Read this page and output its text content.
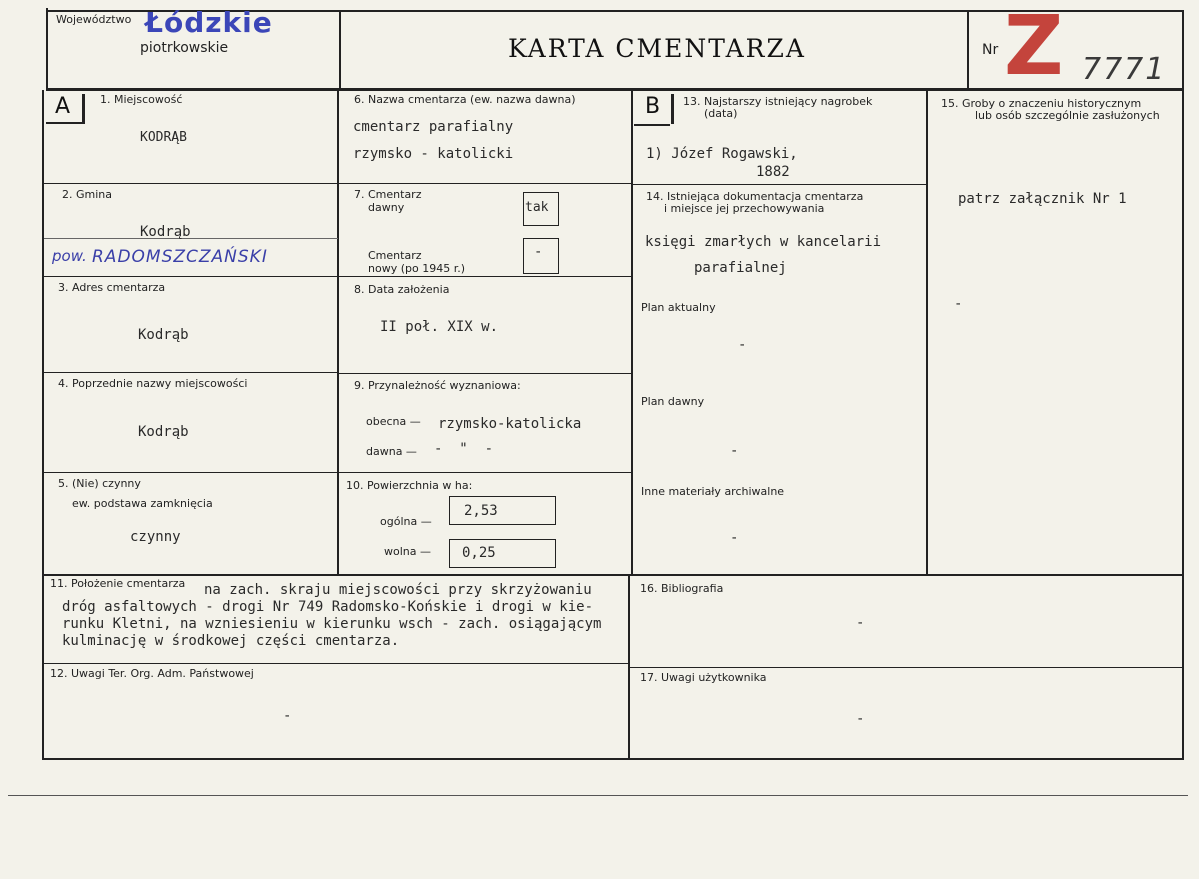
Województwo Łódzkie
piotrkowskie	KARTA CMENTARZA	Nr Z 7771
A	B
1. Miejscowość
KODRĄB
2. Gmina
Kodrąb
pow. RADOMSZCZAŃSKI
3. Adres cmentarza
Kodrąb
4. Poprzednie nazwy miejscowości
Kodrąb
5. (Nie) czynny
ew. podstawa zamknięcia
czynny
6. Nazwa cmentarza (ew. nazwa dawna)
cmentarz parafialny
rzymsko - katolicki
7. Cmentarz
dawny	tak
Cmentarz
nowy (po 1945 r.)
-
8. Data założenia
II poł. XIX w.
9. Przynależność wyznaniowa:
obecna — rzymsko-katolicka
dawna — -  "  -
10. Powierzchnia w ha:
ogólna —
2,53
wolna — 0,25
13. Najstarszy istniejący nagrobek
(data)
1) Józef Rogawski,
1882
14. Istniejąca dokumentacja cmentarza
i miejsce jej przechowywania
księgi zmarłych w kancelarii
parafialnej
Plan aktualny
-
Plan dawny
-
Inne materiały archiwalne
-
15. Groby o znaczeniu historycznym
lub osób szczególnie zasłużonych
patrz załącznik Nr 1
-
11. Położenie cmentarza na zach. skraju miejscowości przy skrzyżowaniu
dróg asfaltowych - drogi Nr 749 Radomsko-Końskie i drogi w kie-
runku Kletni, na wzniesieniu w kierunku wsch - zach. osiągającym
kulminację w środkowej części cmentarza.
12. Uwagi Ter. Org. Adm. Państwowej
-
16. Bibliografia
-
17. Uwagi użytkownika
-
